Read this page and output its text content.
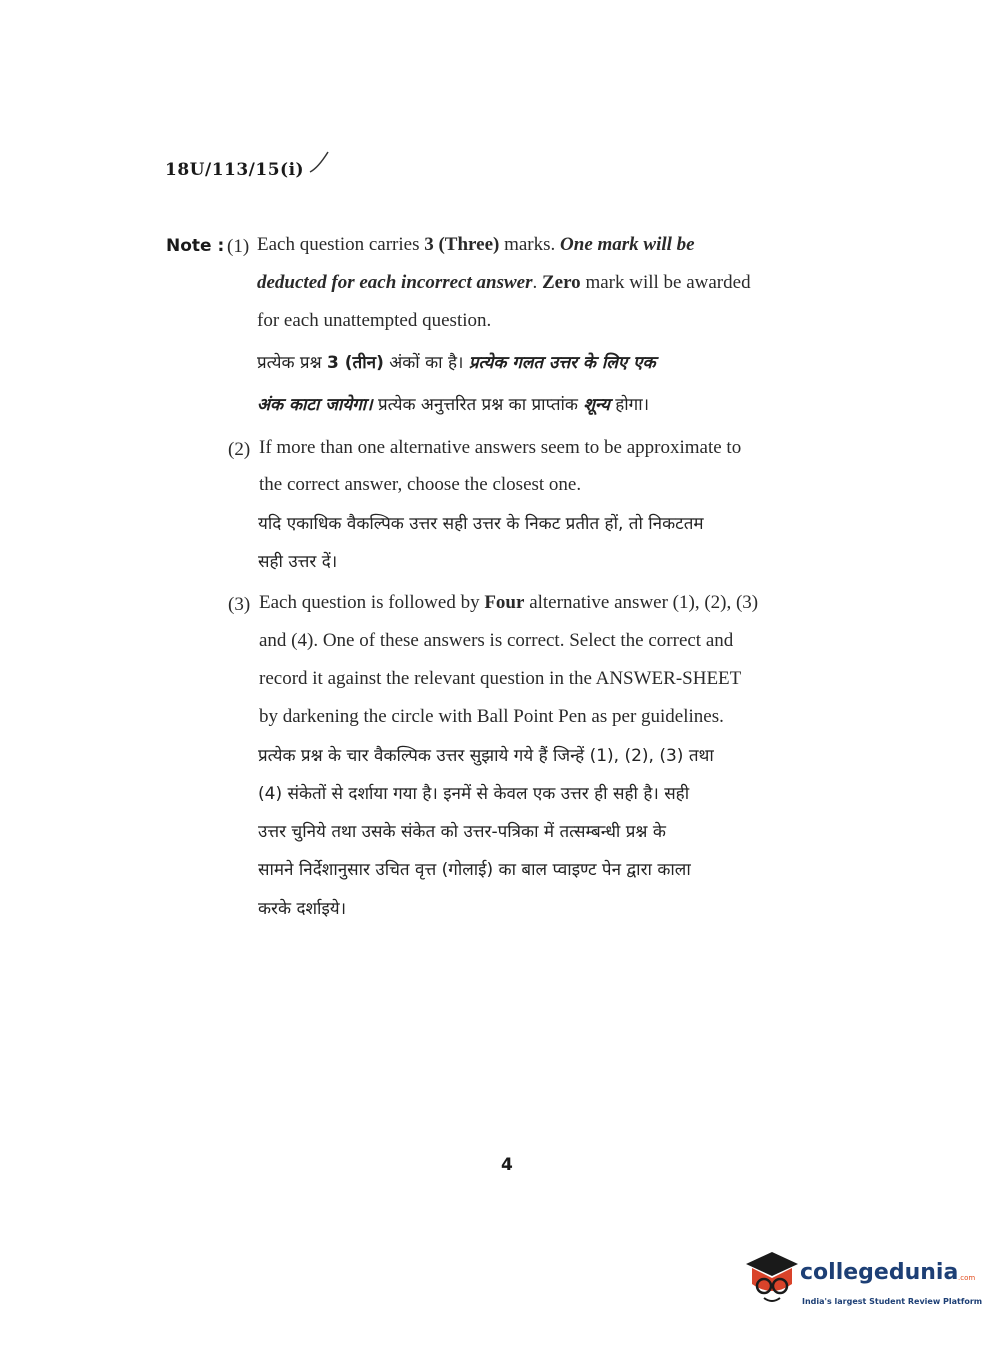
18U/113/15(i)
Note : (1) Each question carries 3 (Three) marks. One mark will be
deducted for each incorrect answer. Zero mark will be awarded
for each unattempted question.
प्रत्येक प्रश्न 3 (तीन) अंकों का है। प्रत्येक गलत उत्तर के लिए एक
अंक काटा जायेगा। प्रत्येक अनुत्तरित प्रश्न का प्राप्तांक शून्य होगा।
(2) If more than one alternative answers seem to be approximate to
the correct answer, choose the closest one.
यदि एकाधिक वैकल्पिक उत्तर सही उत्तर के निकट प्रतीत हों, तो निकटतम
सही उत्तर दें।
(3) Each question is followed by Four alternative answer (1), (2), (3)
and (4). One of these answers is correct. Select the correct and
record it against the relevant question in the ANSWER-SHEET
by darkening the circle with Ball Point Pen as per guidelines.
प्रत्येक प्रश्न के चार वैकल्पिक उत्तर सुझाये गये हैं जिन्हें (1), (2), (3) तथा
(4) संकेतों से दर्शाया गया है। इनमें से केवल एक उत्तर ही सही है। सही
उत्तर चुनिये तथा उसके संकेत को उत्तर-पत्रिका में तत्सम्बन्धी प्रश्न के
सामने निर्देशानुसार उचित वृत्त (गोलाई) का बाल प्वाइण्ट पेन द्वारा काला
करके दर्शाइये।
4
collegedunia .com
India's largest Student Review Platform
